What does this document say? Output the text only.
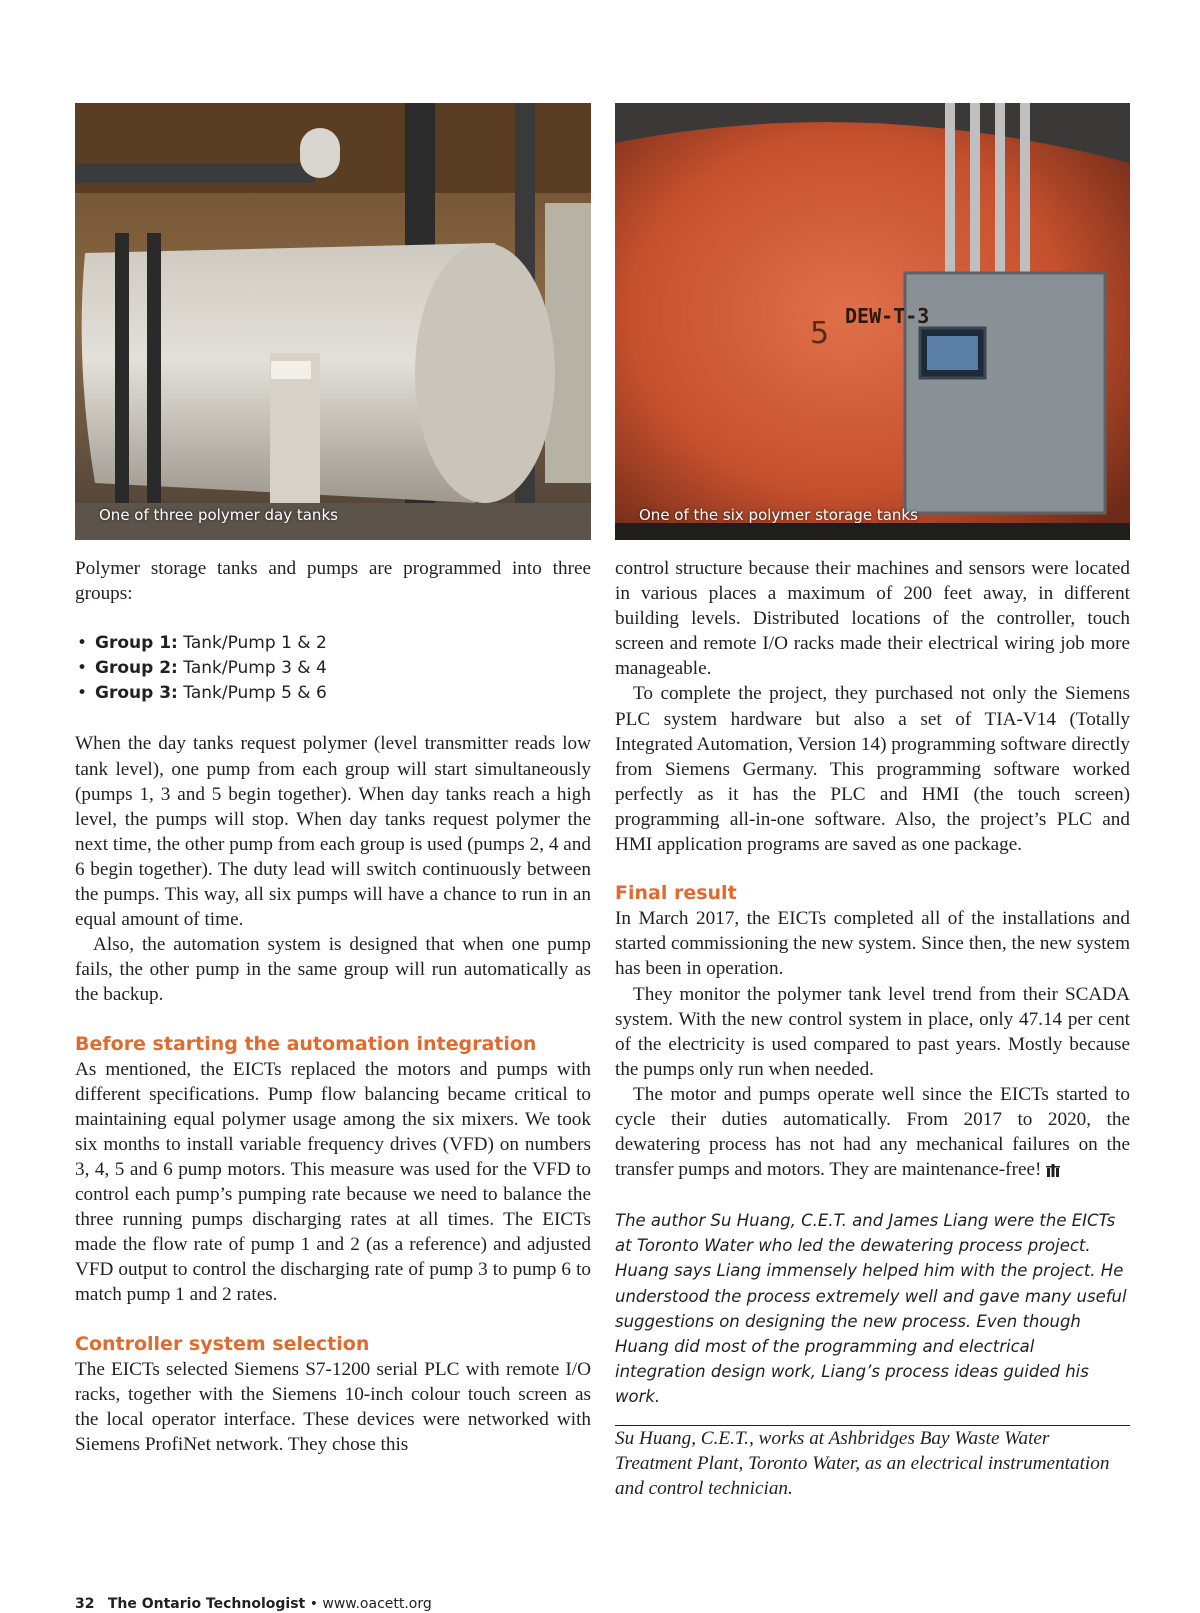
One of three polymer day tanks
DEW-T-3
5
One of the six polymer storage tanks

Polymer storage tanks and pumps are programmed into three groups:

• Group 1: Tank/Pump 1 & 2
• Group 2: Tank/Pump 3 & 4
• Group 3: Tank/Pump 5 & 6

When the day tanks request polymer (level transmitter reads low tank level), one pump from each group will start simultaneously (pumps 1, 3 and 5 begin together). When day tanks reach a high level, the pumps will stop. When day tanks request polymer the next time, the other pump from each group is used (pumps 2, 4 and 6 begin together). The duty lead will switch continuously between the pumps. This way, all six pumps will have a chance to run in an equal amount of time.

Also, the automation system is designed that when one pump fails, the other pump in the same group will run automatically as the backup.

Before starting the automation integration

As mentioned, the EICTs replaced the motors and pumps with different specifications. Pump flow balancing became critical to maintaining equal polymer usage among the six mixers. We took six months to install variable frequency drives (VFD) on numbers 3, 4, 5 and 6 pump motors. This measure was used for the VFD to control each pump’s pumping rate because we need to balance the three running pumps discharging rates at all times. The EICTs made the flow rate of pump 1 and 2 (as a reference) and adjusted VFD output to control the discharging rate of pump 3 to pump 6 to match pump 1 and 2 rates.

Controller system selection

The EICTs selected Siemens S7-1200 serial PLC with remote I/O racks, together with the Siemens 10-inch colour touch screen as the local operator interface. These devices were networked with Siemens ProfiNet network. They chose this

control structure because their machines and sensors were located in various places a maximum of 200 feet away, in different building levels. Distributed locations of the controller, touch screen and remote I/O racks made their electrical wiring job more manageable.

To complete the project, they purchased not only the Siemens PLC system hardware but also a set of TIA-V14 (Totally Integrated Automation, Version 14) programming software directly from Siemens Germany. This programming software worked perfectly as it has the PLC and HMI (the touch screen) programming all-in-one software. Also, the project’s PLC and HMI application programs are saved as one package.

Final result

In March 2017, the EICTs completed all of the installations and started commissioning the new system. Since then, the new system has been in operation.

They monitor the polymer tank level trend from their SCADA system. With the new control system in place, only 47.14 per cent of the electricity is used compared to past years. Mostly because the pumps only run when needed.

The motor and pumps operate well since the EICTs started to cycle their duties automatically. From 2017 to 2020, the dewatering process has not had any mechanical failures on the transfer pumps and motors. They are maintenance-free!

The author Su Huang, C.E.T. and James Liang were the EICTs at Toronto Water who led the dewatering process project. Huang says Liang immensely helped him with the project. He understood the process extremely well and gave many useful suggestions on designing the new process. Even though Huang did most of the programming and electrical integration design work, Liang’s process ideas guided his work.

Su Huang, C.E.T., works at Ashbridges Bay Waste Water Treatment Plant, Toronto Water, as an electrical instrumentation and control technician.

32 The Ontario Technologist • www.oacett.org
